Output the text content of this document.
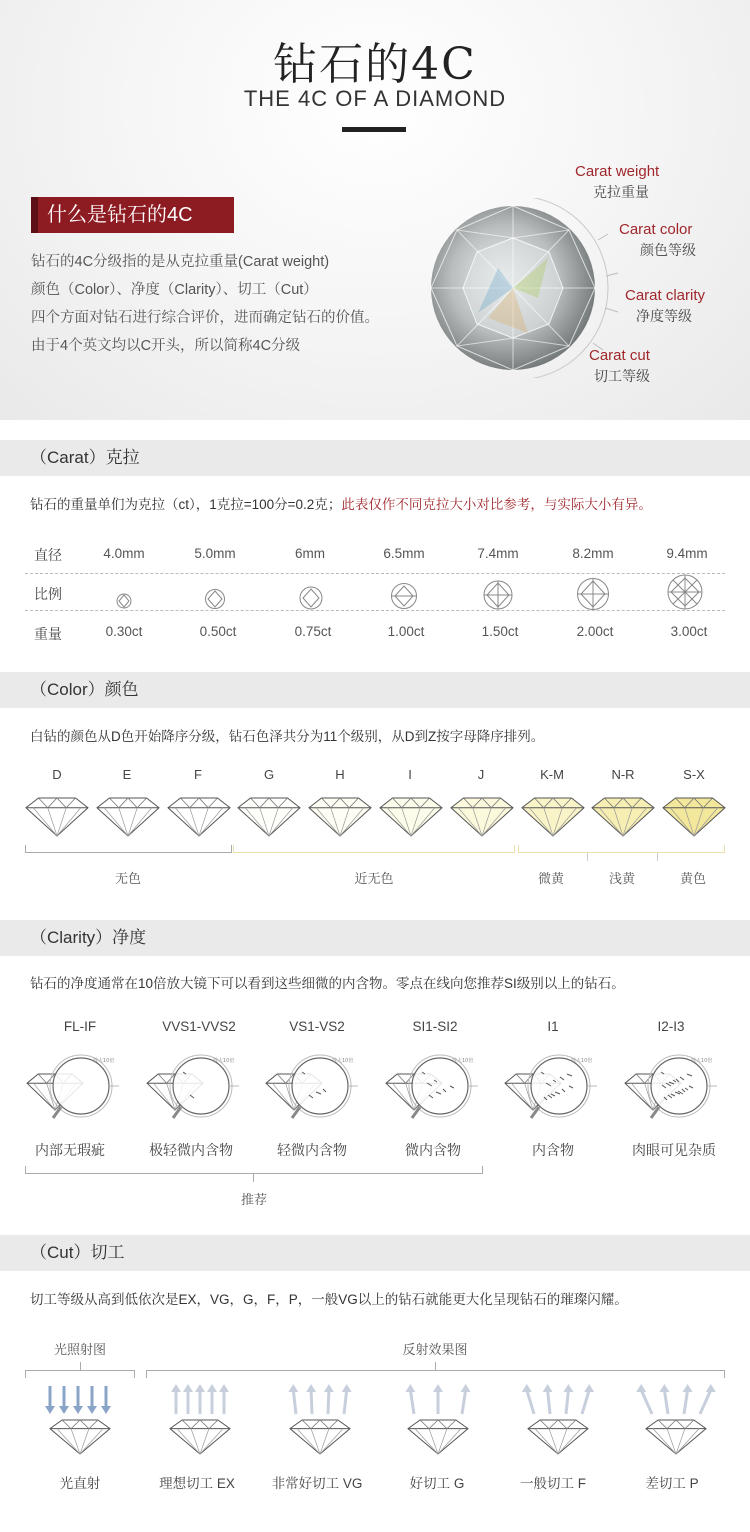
钻石的4C
THE 4C OF A DIAMOND
什么是钻石的4C
钻石的4C分级指的是从克拉重量(Carat weight)
颜色（Color）、净度（Clarity）、切工（Cut）
四个方面对钻石进行综合评价，进而确定钻石的价值。
由于4个英文均以C开头，所以简称4C分级
Carat weight
克拉重量
Carat color
颜色等级
Carat clarity
净度等级
Carat cut
切工等级
（Carat）克拉
钻石的重量单们为克拉（ct），1克拉=100分=0.2克；此表仅作不同克拉大小对比参考，与实际大小有异。
直径
比例
重量
4.0mm	5.0mm	6mm	6.5mm	7.4mm	8.2mm	9.4mm
0.30ct	0.50ct	0.75ct	1.00ct	1.50ct	2.00ct	3.00ct
（Color）颜色
白钻的颜色从D色开始降序分级，钻石色泽共分为11个级别，从D到Z按字母降序排列。
D	E	F	G	H	I	J	K-M	N-R	S-X
无色	近无色	微黄	浅黄	黄色
（Clarity）净度
钻石的净度通常在10倍放大镜下可以看到这些细微的内含物。零点在线向您推荐SI级别以上的钻石。
FL-IF	VVS1-VVS2	VS1-VS2	SI1-SI2	I1	I2-I3
放大10倍	放大10倍	放大10倍	放大10倍	放大10倍	放大10倍
内部无瑕疵	极轻微内含物	轻微内含物	微内含物	内含物	肉眼可见杂质
推荐
（Cut）切工
切工等级从高到低依次是EX，VG，G，F，P，一般VG以上的钻石就能更大化呈现钻石的璀璨闪耀。
光照射图	反射效果图
光直射	理想切工 EX	非常好切工 VG	好切工 G	一般切工 F	差切工 P
